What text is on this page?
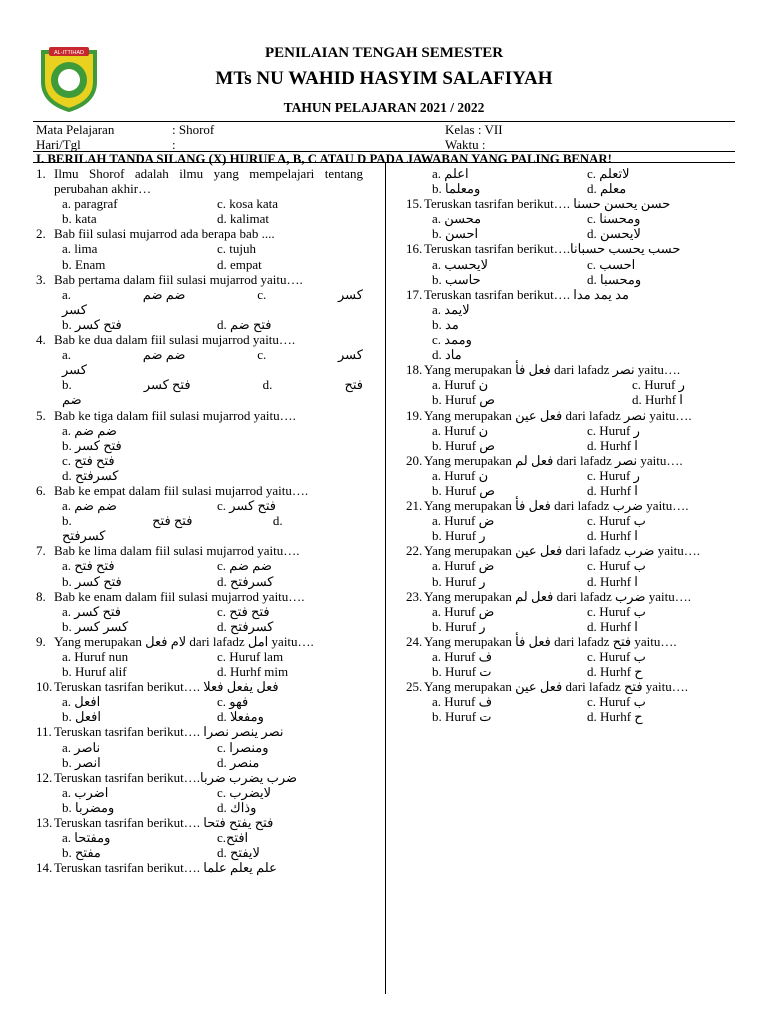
AL-ITTIHAD	PENILAIAN TENGAH SEMESTER
MTs NU WAHID HASYIM SALAFIYAH
TAHUN PELAJARAN 2021 / 2022
Mata Pelajaran	: Shorof	Kelas : VII
Hari/Tgl	:	Waktu :
I. BERILAH TANDA SILANG (X) HURUF A, B, C ATAU D PADA JAWABAN YANG PALING BENAR!
1. Ilmu Shorof adalah ilmu yang mempelajari tentang perubahan akhir…
a. paragraf	c. kosa kata
b. kata	d. kalimat
2. Bab fiil sulasi mujarrod ada berapa bab ....
a. lima	c. tujuh
b. Enam	d. empat
3. Bab pertama dalam fiil sulasi mujarrod yaitu….
a.	ضم ضم	c.	كسر
كسر
b. فتح كسر	d. فتح ضم
4. Bab ke dua dalam fiil sulasi mujarrod yaitu….
a.	ضم ضم	c.	كسر
كسر
b.	فتح كسر	d.	فتح
ضم
5. Bab ke tiga dalam fiil sulasi mujarrod yaitu….
a. ضم ضم
b. فتح كسر
c. فتح فتح
d. كسرفتح
6. Bab ke empat dalam fiil sulasi mujarrod yaitu….
a. ضم ضم	c. فتح كسر
b.	فتح فتح	d.
كسرفتح
7. Bab ke lima dalam fiil sulasi mujarrod yaitu….
a. فتح فتح	c. ضم ضم
b. فتح كسر	d. كسرفتح
8. Bab ke enam dalam fiil sulasi mujarrod yaitu….
a. فتح كسر	c. فتح فتح
b. كسر كسر	d. كسرفتح
9. Yang merupakan لام فعل dari lafadz امل yaitu….
a. Huruf nun	c. Huruf lam
b. Huruf alif	d. Hurhf mim
10. Teruskan tasrifan berikut…. فعل يفعل فعلا
a. افعل	c. فهو
b. افعل	d. ومفعلا
11. Teruskan tasrifan berikut…. نصر ينصر نصرا
a. ناصر	c. ومنصرا
b. انصر	d. منصر
12. Teruskan tasrifan berikut….ضرب يضرب ضربا
a. اضرب	c. لايضرب
b. ومضربا	d. وذاك
13. Teruskan tasrifan berikut…. فتح يفتح فتحا
a. ومفتحا	c.افتح
b. مفتح	d. لايفتح
14. Teruskan tasrifan berikut…. علم يعلم علما
a. اعلم	c. لاتعلم
b. ومعلما	d. معلم
15. Teruskan tasrifan berikut…. حسن يحسن حسنا
a. محسن	c. ومحسنا
b. احسن	d. لايحسن
16. Teruskan tasrifan berikut….حسب يحسب حسبانا
a. لايحسب	c. احسب
b. حاسب	d. ومحسبا
17. Teruskan tasrifan berikut…. مد يمد مدا
a. لايمد
b. مد
c. وممد
d. ماد
18. Yang merupakan فعل فأ dari lafadz نصر yaitu….
a. Huruf ن	c. Huruf ر
b. Huruf ص	d. Hurhf ا
19. Yang merupakan فعل عين dari lafadz نصر yaitu….
a. Huruf ن	c. Huruf ر
b. Huruf ص	d. Hurhf ا
20. Yang merupakan فعل لم dari lafadz نصر yaitu….
a. Huruf ن	c. Huruf ر
b. Huruf ص	d. Hurhf ا
21. Yang merupakan فعل فأ dari lafadz ضرب yaitu….
a. Huruf ض	c. Huruf ب
b. Huruf ر	d. Hurhf ا
22. Yang merupakan فعل عين dari lafadz ضرب yaitu….
a. Huruf ض	c. Huruf ب
b. Huruf ر	d. Hurhf ا
23. Yang merupakan فعل لم dari lafadz ضرب yaitu….
a. Huruf ض	c. Huruf ب
b. Huruf ر	d. Hurhf ا
24. Yang merupakan فعل فأ dari lafadz فتح yaitu….
a. Huruf ف	c. Huruf ب
b. Huruf ت	d. Hurhf ح
25. Yang merupakan فعل عين dari lafadz فتح yaitu….
a. Huruf ف	c. Huruf ب
b. Huruf ت	d. Hurhf ح
